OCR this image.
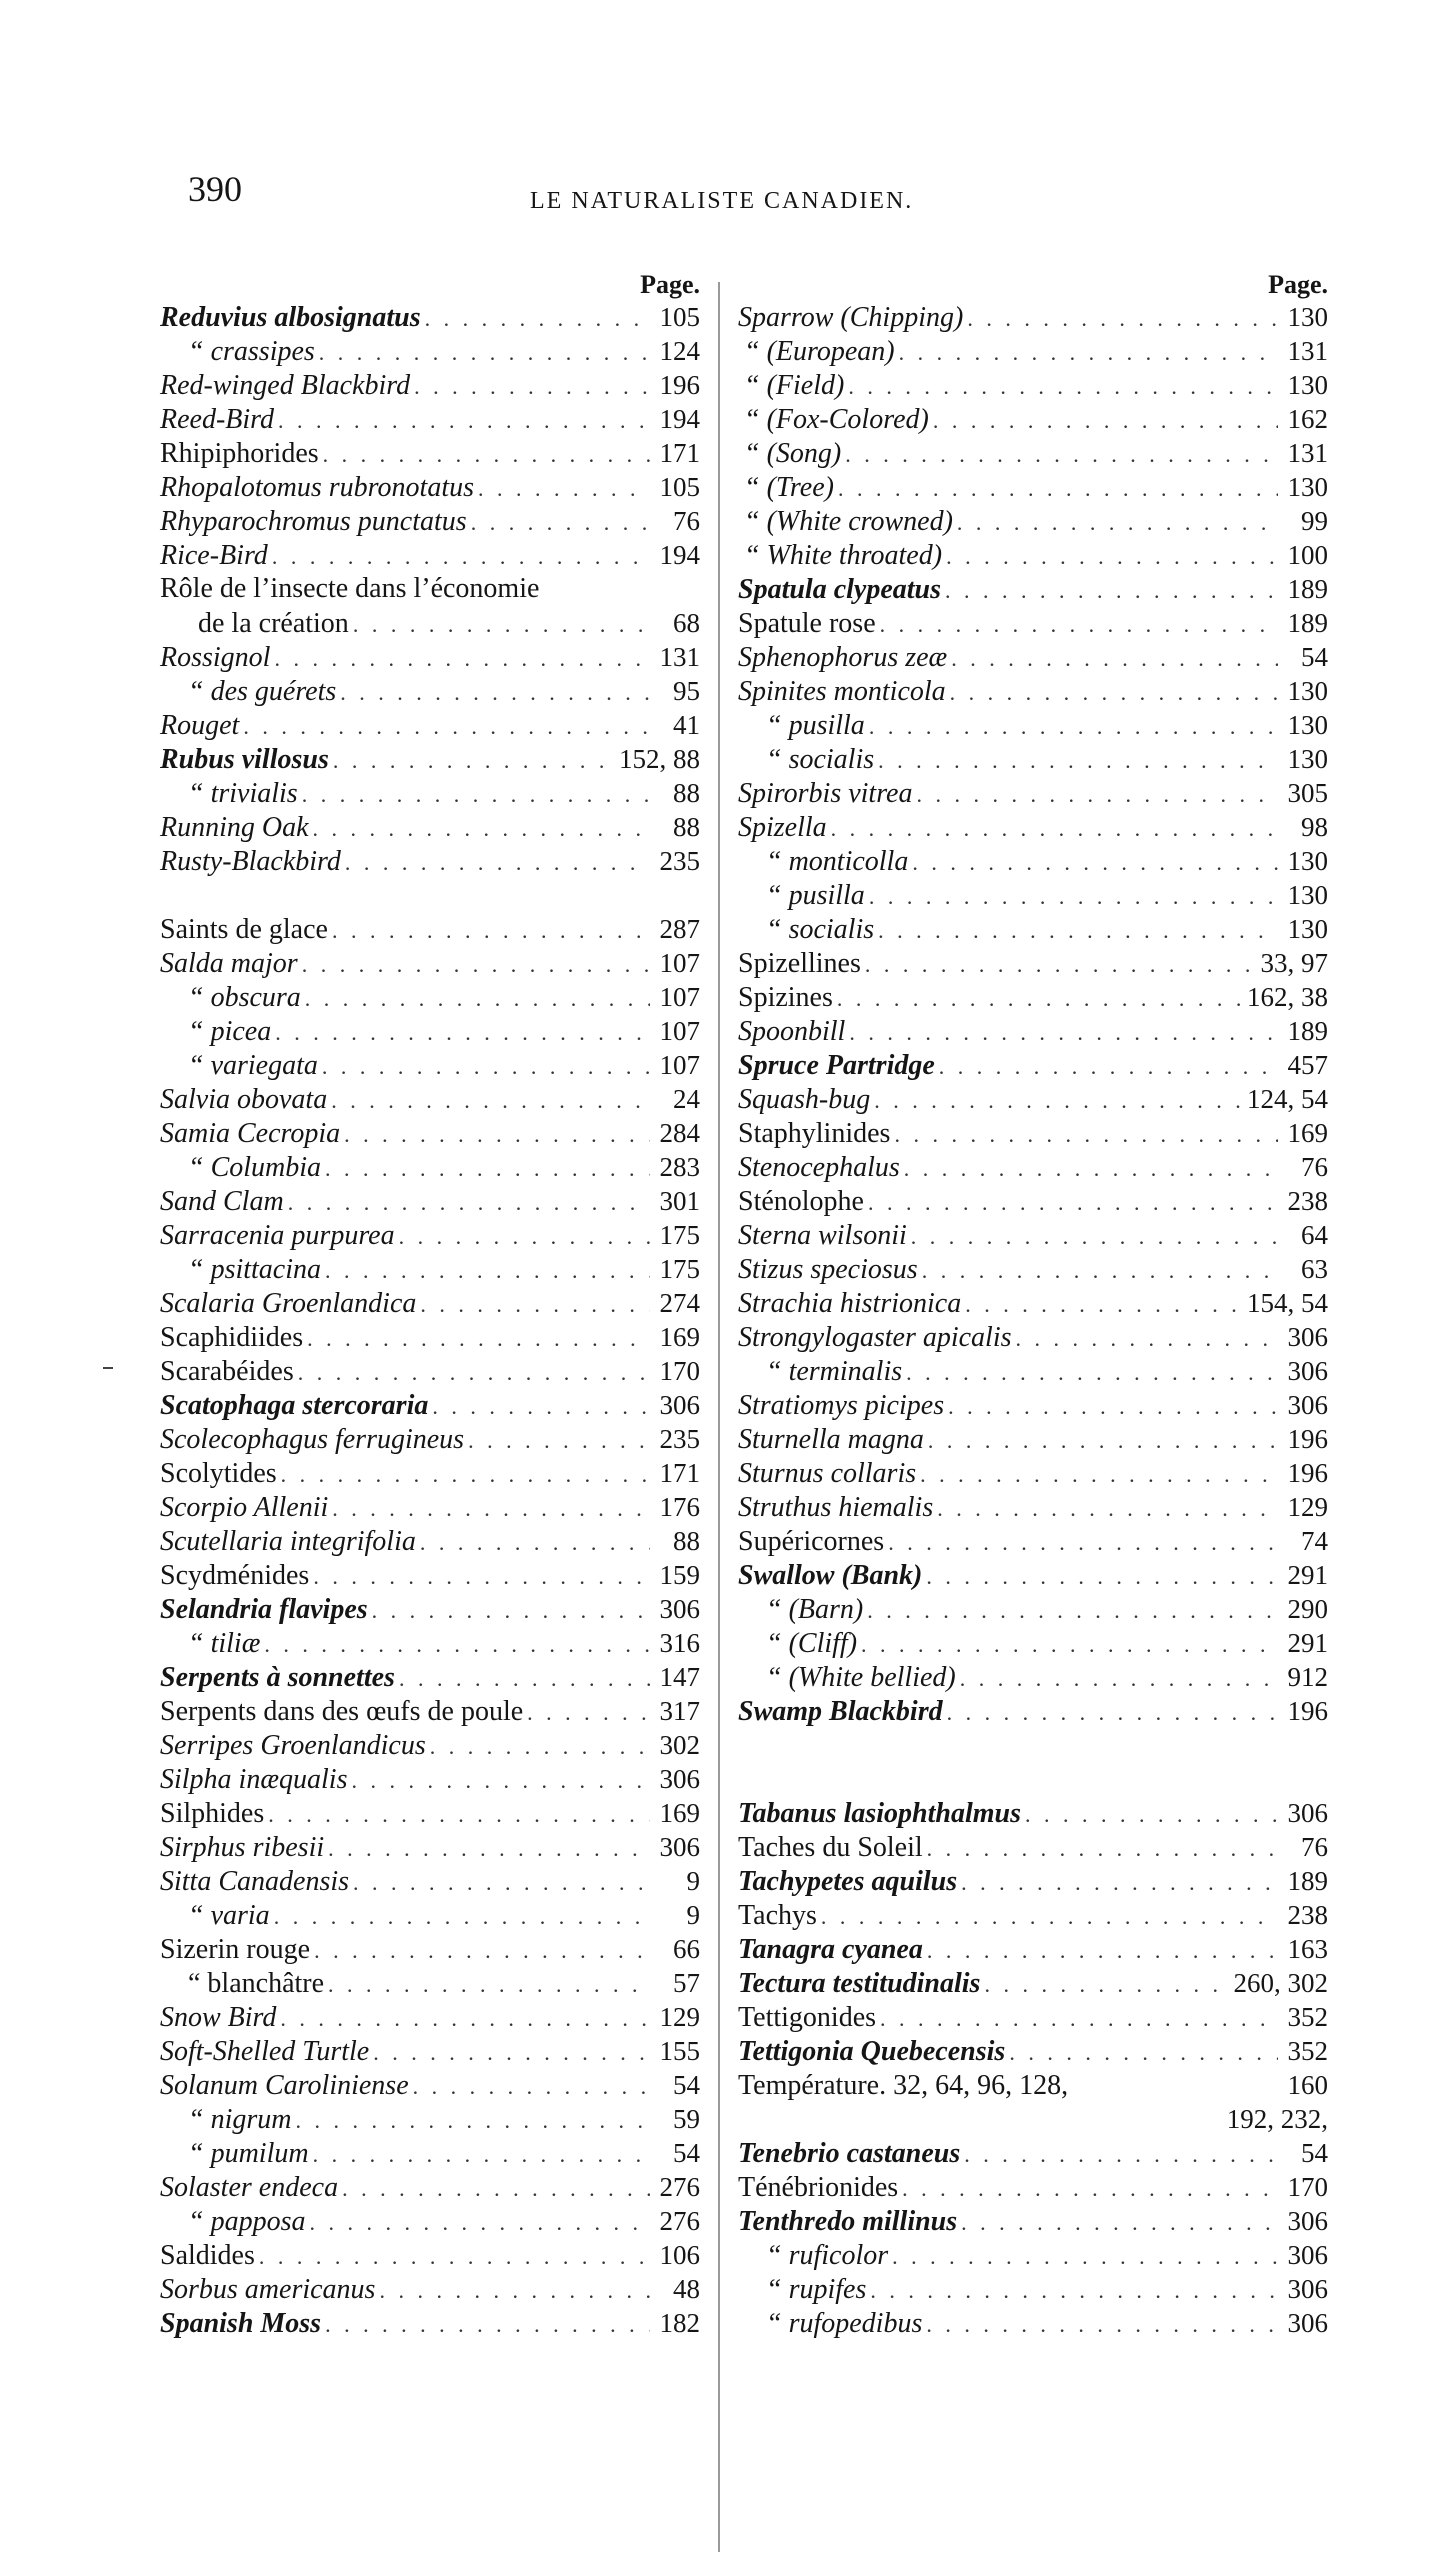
390	LE NATURALISTE CANADIEN.
Page.
Reduvius albosignatus . . .	105
“ crassipes . . .	124
Red-winged Blackbird . . .	196
Reed-Bird . . .	194
Rhipiphorides . . .	171
Rhopalotomus rubronotatus . . .	105
Rhyparochromus punctatus . . .	76
Rice-Bird . . .	194
Rôle de l’insecte dans l’économie
de la création . . .	68
Rossignol . . .	131
“ des guérets . . .	95
Rouget . . .	41
Rubus villosus . . .	152, 88
“ trivialis . . .	88
Running Oak . . .	88
Rusty-Blackbird . . .	235
Saints de glace . . .	287
Salda major . . .	107
“ obscura . . .	107
“ picea . . .	107
“ variegata . . .	107
Salvia obovata . . .	24
Samia Cecropia . . .	284
“ Columbia . . .	283
Sand Clam . . .	301
Sarracenia purpurea . . .	175
“ psittacina . . .	175
Scalaria Groenlandica . . .	274
Scaphidiides . . .	169
Scarabéides . . .	170
Scatophaga stercoraria . . .	306
Scolecophagus ferrugineus . . .	235
Scolytides . . .	171
Scorpio Allenii . . .	176
Scutellaria integrifolia . . .	88
Scydménides . . .	159
Selandria flavipes . . .	306
“ tiliæ . . .	316
Serpents à sonnettes . . .	147
Serpents dans des œufs de poule . . .	317
Serripes Groenlandicus . . .	302
Silpha inæqualis . . .	306
Silphides . . .	169
Sirphus ribesii . . .	306
Sitta Canadensis . . .	9
“ varia . . .	9
Sizerin rouge . . .	66
“ blanchâtre . . .	57
Snow Bird . . .	129
Soft-Shelled Turtle . . .	155
Solanum Caroliniense . . .	54
“ nigrum . . .	59
“ pumilum . . .	54
Solaster endeca . . .	276
“ papposa . . .	276
Saldides . . .	106
Sorbus americanus . . .	48
Spanish Moss . . .	182
Page.
Sparrow (Chipping) . . .	130
“ (European) . . .	131
“ (Field) . . .	130
“ (Fox-Colored) . . .	162
“ (Song) . . .	131
“ (Tree) . . .	130
“ (White crowned) . . .	99
“ White throated) . . .	100
Spatula clypeatus . . .	189
Spatule rose . . .	189
Sphenophorus zeæ . . .	54
Spinites monticola . . .	130
“ pusilla . . .	130
“ socialis . . .	130
Spirorbis vitrea . . .	305
Spizella . . .	98
“ monticolla . . .	130
“ pusilla . . .	130
“ socialis . . .	130
Spizellines . . .	33, 97
Spizines . . .	162, 38
Spoonbill . . .	189
Spruce Partridge . . .	457
Squash-bug . . .	124, 54
Staphylinides . . .	169
Stenocephalus . . .	76
Sténolophe . . .	238
Sterna wilsonii . . .	64
Stizus speciosus . . .	63
Strachia histrionica . . .	154, 54
Strongylogaster apicalis . . .	306
“ terminalis . . .	306
Stratiomys picipes . . .	306
Sturnella magna . . .	196
Sturnus collaris . . .	196
Struthus hiemalis . . .	129
Supéricornes . . .	74
Swallow (Bank) . . .	291
“ (Barn) . . .	290
“ (Cliff) . . .	291
“ (White bellied) . . .	912
Swamp Blackbird . . .	196
Tabanus lasiophthalmus . . .	306
Taches du Soleil . . .	76
Tachypetes aquilus . . .	189
Tachys . . .	238
Tanagra cyanea . . .	163
Tectura testitudinalis . . .	260, 302
Tettigonides . . .	352
Tettigonia Quebecensis . . .	352
Température. 32, 64, 96, 128,	160
192, 232,
Tenebrio castaneus . . .	54
Ténébrionides . . .	170
Tenthredo millinus . . .	306
“ ruficolor . . .	306
“ rupifes . . .	306
“ rufopedibus . . .	306
